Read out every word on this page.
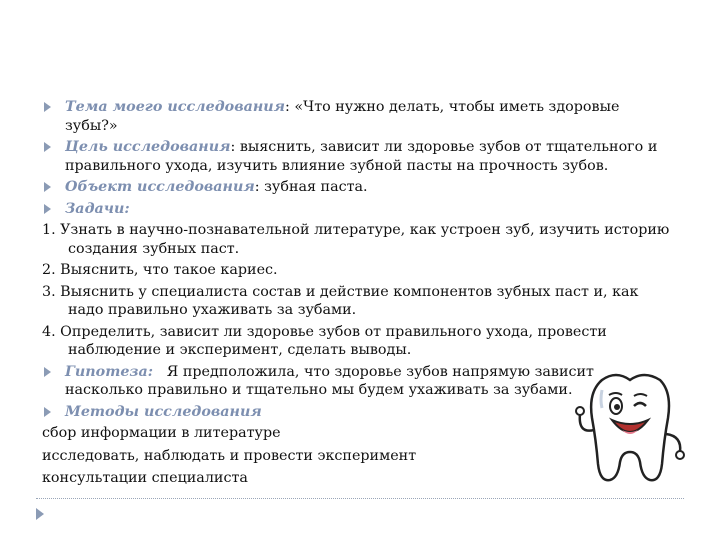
Тема моего исследования: «Что нужно делать, чтобы иметь здоровые
зубы?»

Цель исследования: выяснить, зависит ли здоровье зубов от тщательного и
правильного ухода, изучить влияние зубной пасты на прочность зубов.

Объект исследования: зубная паста.

Задачи:

1. Узнать в научно-познавательной литературе, как устроен зуб, изучить историю
создания зубных паст.

2. Выяснить, что такое кариес.

3. Выяснить у специалиста состав и действие компонентов зубных паст и, как
надо правильно ухаживать за зубами.

4. Определить, зависит ли здоровье зубов от правильного ухода, провести
наблюдение и эксперимент, сделать выводы.

Гипотеза:   Я предположила, что здоровье зубов напрямую зависит
насколько правильно и тщательно мы будем ухаживать за зубами.

Методы исследования

сбор информации в литературе

исследовать, наблюдать и провести эксперимент

консультации специалиста
